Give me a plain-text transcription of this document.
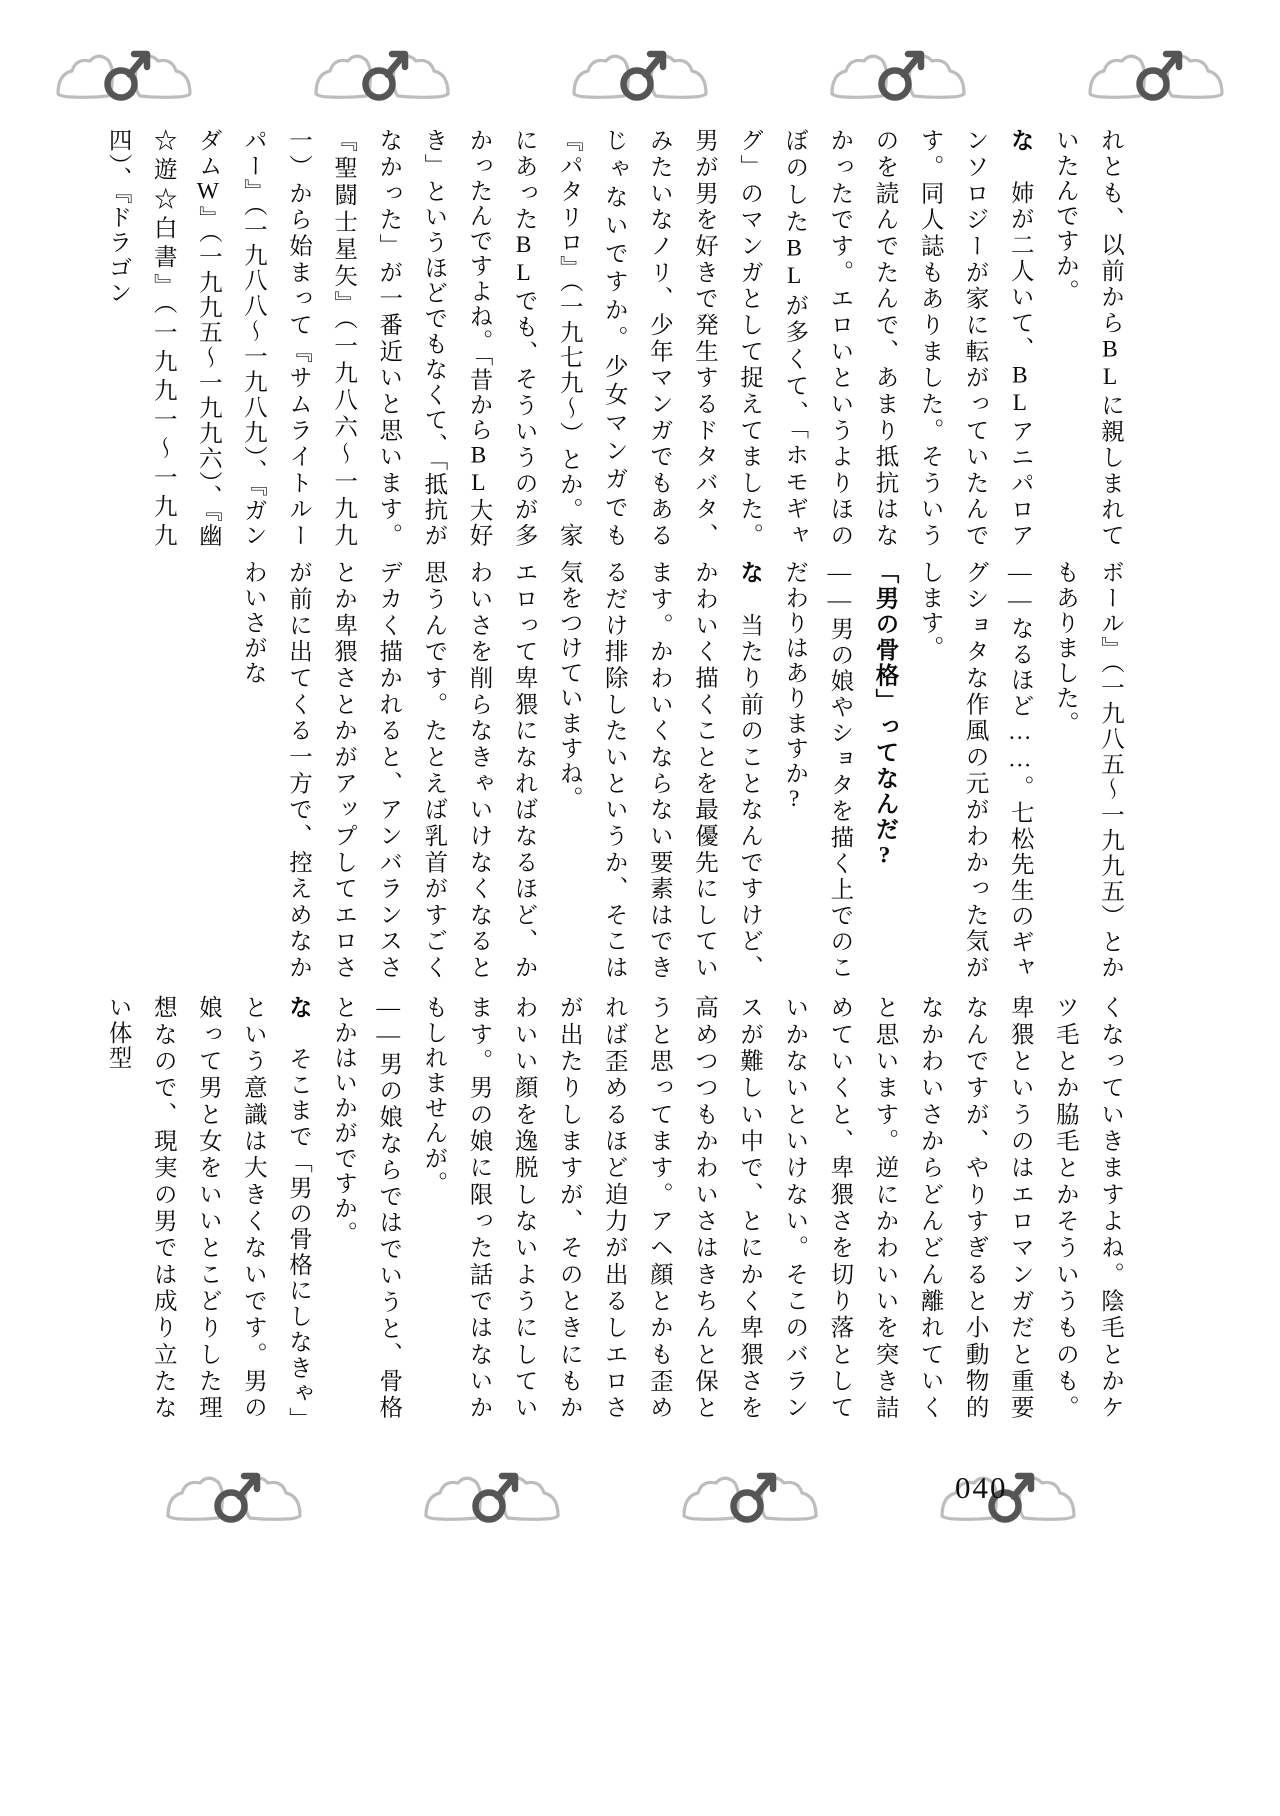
れとも、以前からBLに親しまれていたんですか。

な　姉が二人いて、BLアニパロアンソロジーが家に転がっていたんです。同人誌もありました。そういうのを読んでたんで、あまり抵抗はなかったです。エロいというよりほのぼのしたBLが多くて、「ホモギャグ」のマンガとして捉えてました。男が男を好きで発生するドタバタ、みたいなノリ、少年マンガでもあるじゃないですか。少女マンガでも『パタリロ』（一九七九〜）とか。家にあったBLでも、そういうのが多かったんですよね。「昔からBL大好き」というほどでもなくて、「抵抗がなかった」が一番近いと思います。『聖闘士星矢』（一九八六〜一九九一）から始まって『サムライトルーパー』（一九八八〜一九八九）、『ガンダムW』（一九九五〜一九九六）、『幽☆遊☆白書』（一九九一〜一九九四）、『ドラゴン

ボール』（一九八五〜一九九五）とかもありました。

――なるほど……。七松先生のギャグショタな作風の元がわかった気がします。

「男の骨格」ってなんだ?

――男の娘やショタを描く上でのこだわりはありますか?

な　当たり前のことなんですけど、かわいく描くことを最優先にしています。かわいくならない要素はできるだけ排除したいというか、そこは気をつけていますね。

エロって卑猥になればなるほど、かわいさを削らなきゃいけなくなると思うんです。たとえば乳首がすごくデカく描かれると、アンバランスさとか卑猥さとかがアップしてエロさが前に出てくる一方で、控えめなかわいさがな

くなっていきますよね。陰毛とかケツ毛とか脇毛とかそういうものも。卑猥というのはエロマンガだと重要なんですが、やりすぎると小動物的なかわいさからどんどん離れていくと思います。逆にかわいいを突き詰めていくと、卑猥さを切り落としていかないといけない。そこのバランスが難しい中で、とにかく卑猥さを高めつつもかわいさはきちんと保とうと思ってます。アヘ顔とかも歪めれば歪めるほど迫力が出るしエロさが出たりしますが、そのときにもかわいい顔を逸脱しないようにしています。男の娘に限った話ではないかもしれませんが。

――男の娘ならではでいうと、骨格とかはいかがですか。

な　そこまで「男の骨格にしなきゃ」という意識は大きくないです。男の娘って男と女をいいとこどりした理想なので、現実の男では成り立たない体型

040
